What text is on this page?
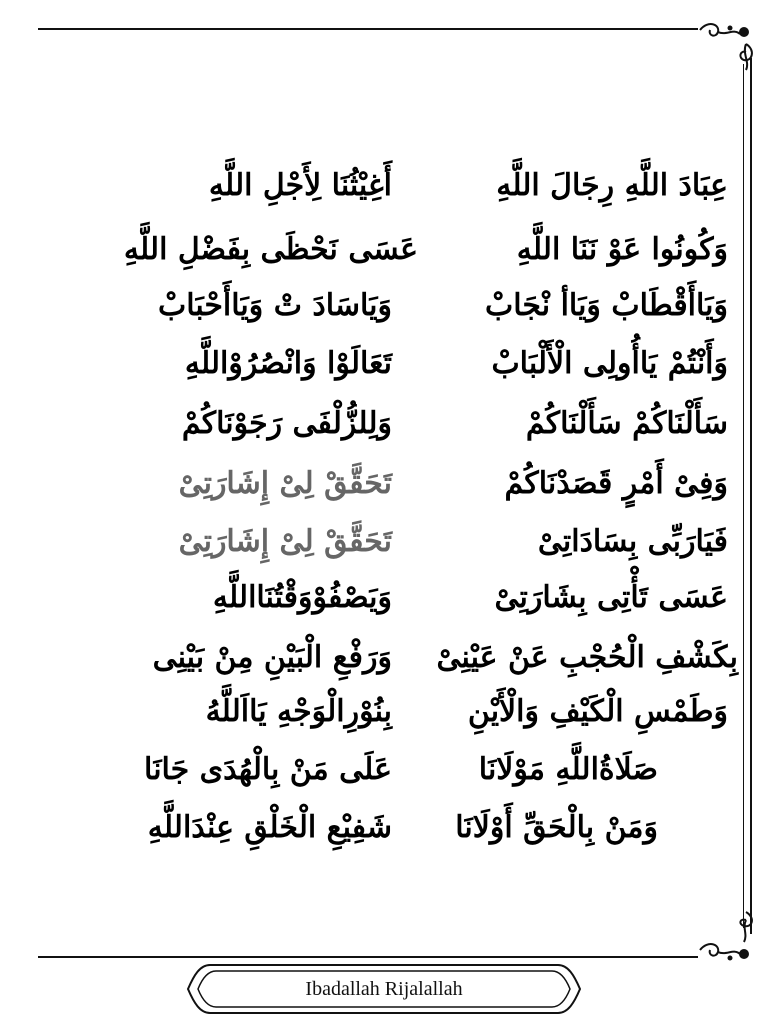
عِبَادَ اللَّهِ رِجَالَ اللَّهِ
أَغِيْثُنَا لِأَجْلِ اللَّهِ
وَكُونُوا عَوْ نَنَا اللَّهِ
عَسَى نَحْظَى بِفَضْلِ اللَّهِ
وَيَاأَقْطَابْ وَيَاأ نْجَابْ
وَيَاسَادَ تْ وَيَاأَحْبَابْ
وَأَنْتُمْ يَاأُولِى الْأَلْبَابْ
تَعَالَوْا وَانْصُرُوْاللَّهِ
سَأَلْنَاكُمْ سَأَلْنَاكُمْ
وَلِلزُّلْفَى رَجَوْنَاكُمْ
وَفِىْ أَمْرٍ قَصَدْنَاكُمْ
تَحَقَّقْ لِىْ إِشَارَتِىْ
فَيَارَبِّى بِسَادَاتِىْ
تَحَقَّقْ لِىْ إِشَارَتِىْ
عَسَى تَأْتِى بِشَارَتِىْ
وَيَصْفُوْوَقْتُنَااللَّهِ
بِكَشْفِ الْحُجْبِ عَنْ عَيْنِىْ
وَرَفْعِ الْبَيْنِ مِنْ بَيْنِى
وَطَمْسِ الْكَيْفِ وَالْأَيْنِ
بِنُوْرِالْوَجْهِ يَااَللَّهُ
صَلَاةُاللَّهِ مَوْلَانَا
عَلَى مَنْ بِالْهُدَى جَانَا
وَمَنْ بِالْحَقِّ أَوْلَانَا
شَفِيْعِ الْخَلْقِ عِنْدَاللَّهِ
Ibadallah Rijalallah
